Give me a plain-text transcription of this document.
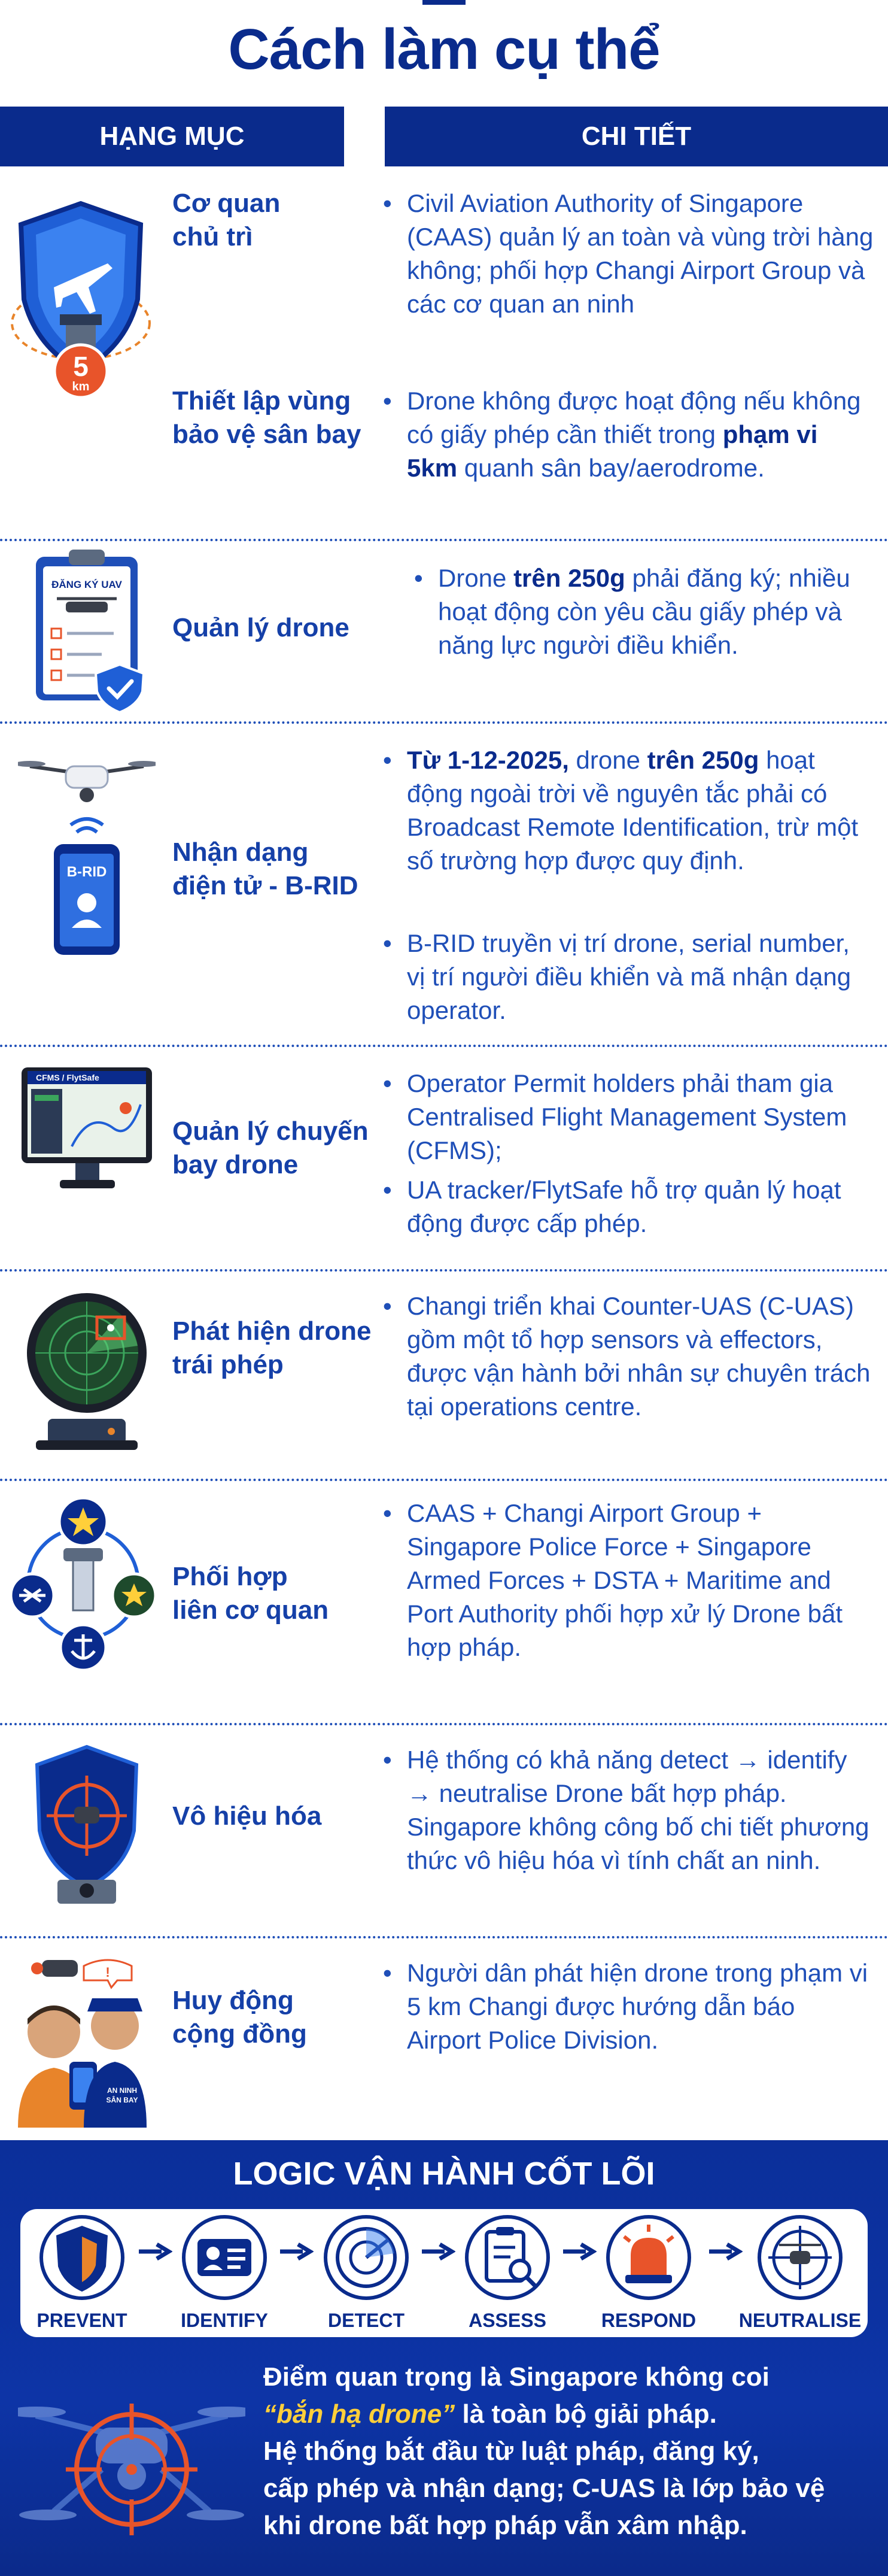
Cách làm cụ thể
HẠNG MỤC	CHI TIẾT
5
km
Cơ quan
chủ trì
• Civil Aviation Authority of Singapore (CAAS) quản lý an toàn và vùng trời hàng không; phối hợp Changi Airport Group và các cơ quan an ninh
Thiết lập vùng
bảo vệ sân bay
• Drone không được hoạt động nếu không có giấy phép cần thiết trong phạm vi 5km quanh sân bay/aerodrome.
ĐĂNG KÝ UAV
Quản lý drone
• Drone trên 250g phải đăng ký; nhiều hoạt động còn yêu cầu giấy phép và năng lực người điều khiển.
B-RID
Nhận dạng
điện tử - B-RID
• Từ 1-12-2025, drone trên 250g hoạt động ngoài trời về nguyên tắc phải có Broadcast Remote Identification, trừ một số trường hợp được quy định.
• B-RID truyền vị trí drone, serial number, vị trí người điều khiển và mã nhận dạng operator.
CFMS / FlytSafe
Quản lý chuyến
bay drone
• Operator Permit holders phải tham gia Centralised Flight Management System (CFMS);
• UA tracker/FlytSafe hỗ trợ quản lý hoạt động được cấp phép.
Phát hiện drone
trái phép
• Changi triển khai Counter-UAS (C-UAS) gồm một tổ hợp sensors và effectors, được vận hành bởi nhân sự chuyên trách tại operations centre.
Phối hợp
liên cơ quan
• CAAS + Changi Airport Group + Singapore Police Force + Singapore Armed Forces + DSTA + Maritime and Port Authority phối hợp xử lý Drone bất hợp pháp.
Vô hiệu hóa
• Hệ thống có khả năng detect → identify → neutralise Drone bất hợp pháp. Singapore không công bố chi tiết phương thức vô hiệu hóa vì tính chất an ninh.
AN NINH
SÂN BAY
!
Huy động
cộng đồng
• Người dân phát hiện drone trong phạm vi 5 km Changi được hướng dẫn báo Airport Police Division.
LOGIC VẬN HÀNH CỐT LÕI
PREVENT	IDENTIFY	DETECT	ASSESS	RESPOND	NEUTRALISE
Điểm quan trọng là Singapore không coi
“bắn hạ drone” là toàn bộ giải pháp.
Hệ thống bắt đầu từ luật pháp, đăng ký,
cấp phép và nhận dạng; C-UAS là lớp bảo vệ
khi drone bất hợp pháp vẫn xâm nhập.
